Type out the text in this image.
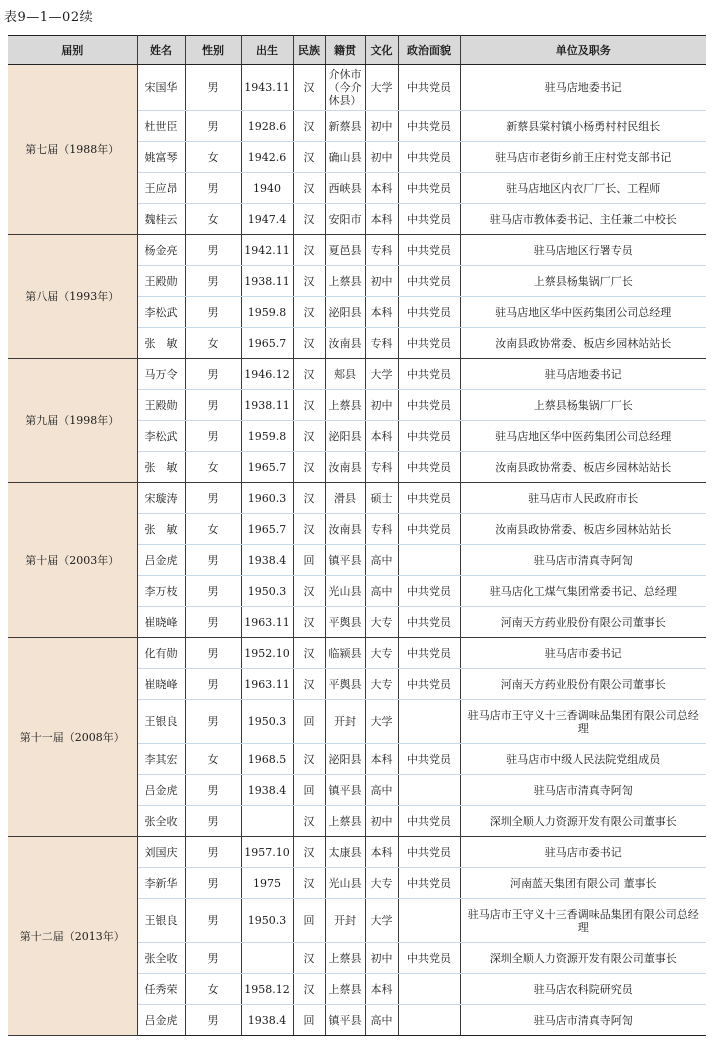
表9—1—02续
届别	姓名	性别	出生	民族	籍贯	文化	政治面貌	单位及职务
第七届（1988年）	宋国华	男	1943.11	汉	介休市（今介休县）	大学	中共党员	驻马店地委书记
	杜世臣	男	1928.6	汉	新蔡县	初中	中共党员	新蔡县棠村镇小杨勇村村民组长
	姚富琴	女	1942.6	汉	确山县	初中	中共党员	驻马店市老街乡前王庄村党支部书记
	王应昂	男	1940	汉	西峡县	本科	中共党员	驻马店地区内衣厂厂长、工程师
	魏桂云	女	1947.4	汉	安阳市	本科	中共党员	驻马店市教体委书记、主任兼二中校长
第八届（1993年）	杨金亮	男	1942.11	汉	夏邑县	专科	中共党员	驻马店地区行署专员
	王殿勋	男	1938.11	汉	上蔡县	初中	中共党员	上蔡县杨集锅厂厂长
	李松武	男	1959.8	汉	泌阳县	本科	中共党员	驻马店地区华中医药集团公司总经理
	张　敏	女	1965.7	汉	汝南县	专科	中共党员	汝南县政协常委、板店乡园林站站长
第九届（1998年）	马万令	男	1946.12	汉	郏县	大学	中共党员	驻马店地委书记
	王殿勋	男	1938.11	汉	上蔡县	初中	中共党员	上蔡县杨集锅厂厂长
	李松武	男	1959.8	汉	泌阳县	本科	中共党员	驻马店地区华中医药集团公司总经理
	张　敏	女	1965.7	汉	汝南县	专科	中共党员	汝南县政协常委、板店乡园林站站长
第十届（2003年）	宋璇涛	男	1960.3	汉	滑县	硕士	中共党员	驻马店市人民政府市长
	张　敏	女	1965.7	汉	汝南县	专科	中共党员	汝南县政协常委、板店乡园林站站长
	吕金虎	男	1938.4	回	镇平县	高中		驻马店市清真寺阿訇
	李万枝	男	1950.3	汉	光山县	高中	中共党员	驻马店化工煤气集团常委书记、总经理
	崔晓峰	男	1963.11	汉	平舆县	大专	中共党员	河南天方药业股份有限公司董事长
第十一届（2008年）	化有勋	男	1952.10	汉	临颍县	大专	中共党员	驻马店市委书记
	崔晓峰	男	1963.11	汉	平舆县	大专	中共党员	河南天方药业股份有限公司董事长
	王银良	男	1950.3	回	开封	大学		驻马店市王守义十三香调味品集团有限公司总经理
	李其宏	女	1968.5	汉	泌阳县	本科	中共党员	驻马店市中级人民法院党组成员
	吕金虎	男	1938.4	回	镇平县	高中		驻马店市清真寺阿訇
	张全收	男		汉	上蔡县	初中	中共党员	深圳全顺人力资源开发有限公司董事长
第十二届（2013年）	刘国庆	男	1957.10	汉	太康县	本科	中共党员	驻马店市委书记
	李新华	男	1975	汉	光山县	大专	中共党员	河南蓝天集团有限公司 董事长
	王银良	男	1950.3	回	开封	大学		驻马店市王守义十三香调味品集团有限公司总经理
	张全收	男		汉	上蔡县	初中	中共党员	深圳全顺人力资源开发有限公司董事长
	任秀荣	女	1958.12	汉	上蔡县	本科		驻马店农科院研究员
	吕金虎	男	1938.4	回	镇平县	高中		驻马店市清真寺阿訇
